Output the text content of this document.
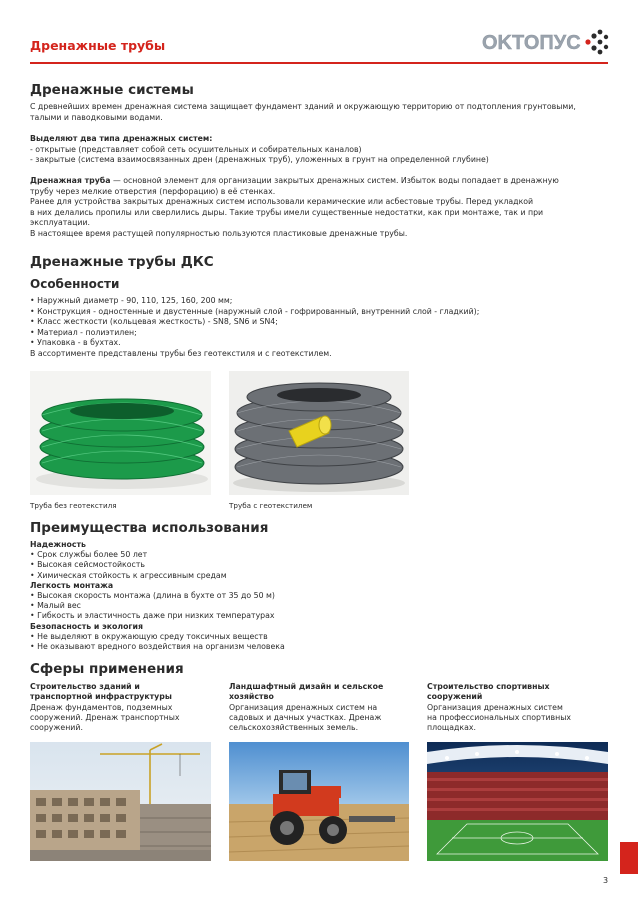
Дренажные трубы	OKTOПУС
Дренажные системы
С древнейших времен дренажная система защищает фундамент зданий и окружающую территорию от подтопления грунтовыми,
талыми и паводковыми водами.
Выделяют два типа дренажных систем:
- открытые (представляет собой сеть осушительных и собирательных каналов)
- закрытые (система взаимосвязанных дрен (дренажных труб), уложенных в грунт на определенной глубине)
Дренажная труба — основной элемент для организации закрытых дренажных систем. Избыток воды попадает в дренажную
трубу через мелкие отверстия (перфорацию) в её стенках.
Ранее для устройства закрытых дренажных систем использовали керамические или асбестовые трубы. Перед укладкой
в них делались пропилы или сверлились дыры. Такие трубы имели существенные недостатки, как при монтаже, так и при
эксплуатации.
В настоящее время растущей популярностью пользуются пластиковые дренажные трубы.
Дренажные трубы ДКС
Особенности
• Наружный диаметр - 90, 110, 125, 160, 200 мм;
• Конструкция - одностенные и двустенные (наружный слой - гофрированный, внутренний слой - гладкий);
• Класс жесткости (кольцевая жесткость) - SN8, SN6 и SN4;
• Материал - полиэтилен;
• Упаковка - в бухтах.
В ассортименте представлены трубы без геотекстиля и с геотекстилем.
Труба без геотекстиля	Труба с геотекстилем
Преимущества использования
Надежность
• Срок службы более 50 лет
• Высокая сейсмостойкость
• Химическая стойкость к агрессивным средам
Легкость монтажа
• Высокая скорость монтажа (длина в бухте от 35 до 50 м)
• Малый вес
• Гибкость и эластичность даже при низких температурах
Безопасность и экология
• Не выделяют в окружающую среду токсичных веществ
• Не оказывают вредного воздействия на организм человека
Сферы применения
Строительство зданий и
транспортной инфраструктуры
Дренаж фундаментов, подземных
сооружений. Дренаж транспортных
сооружений.
Ландшафтный дизайн и сельское
хозяйство
Организация дренажных систем на
садовых и дачных участках. Дренаж
сельскохозяйственных земель.
Строительство спортивных
сооружений
Организация дренажных систем
на профессиональных спортивных
площадках.
3
